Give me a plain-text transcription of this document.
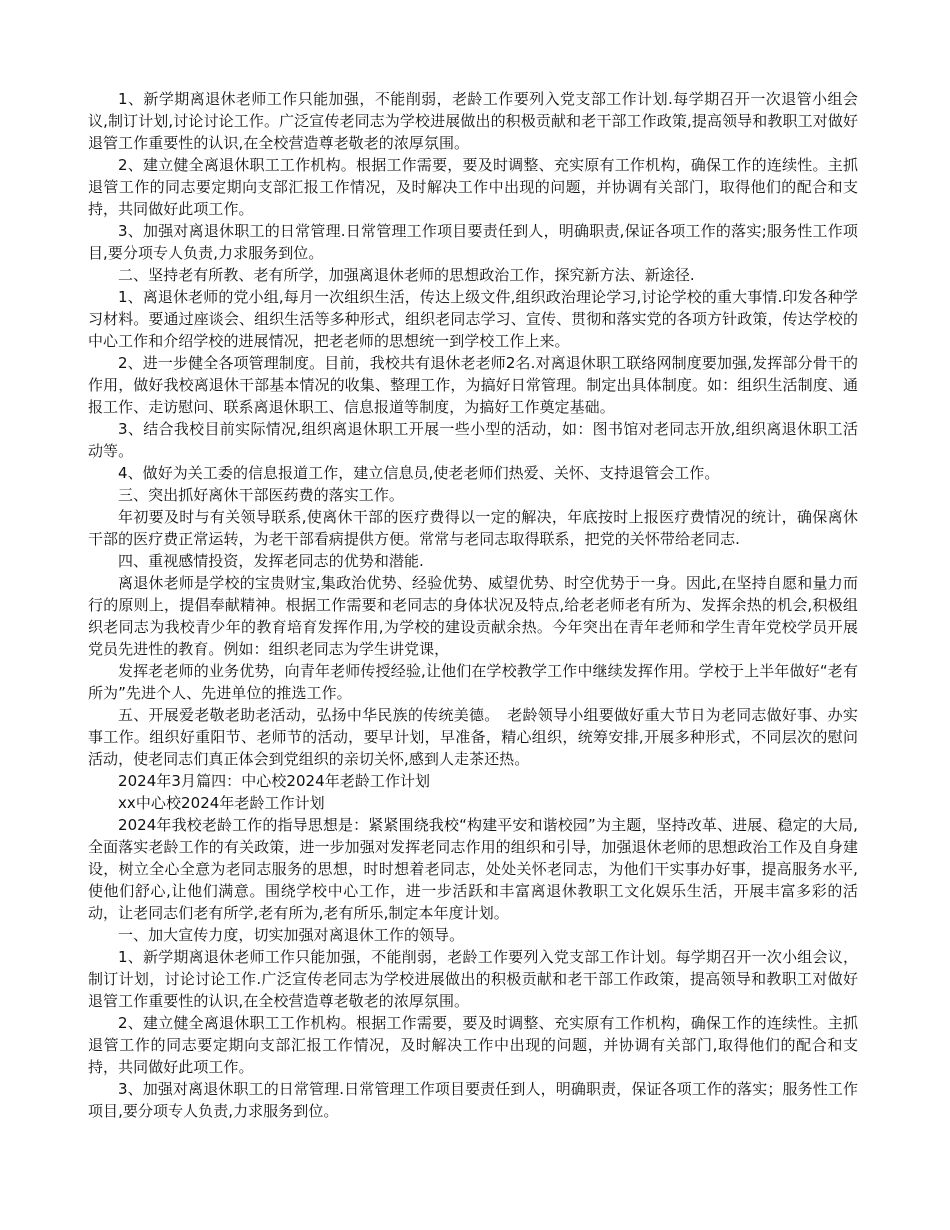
1、新学期离退休老师工作只能加强，不能削弱，老龄工作要列入党支部工作计划.每学期召开一次退管小组会议,制订计划,讨论讨论工作。广泛宣传老同志为学校进展做出的积极贡献和老干部工作政策,提高领导和教职工对做好退管工作重要性的认识,在全校营造尊老敬老的浓厚氛围。

2、建立健全离退休职工工作机构。根据工作需要，要及时调整、充实原有工作机构，确保工作的连续性。主抓退管工作的同志要定期向支部汇报工作情况，及时解决工作中出现的问题，并协调有关部门，取得他们的配合和支持，共同做好此项工作。

3、加强对离退休职工的日常管理.日常管理工作项目要责任到人，明确职责,保证各项工作的落实;服务性工作项目,要分项专人负责,力求服务到位。

二、坚持老有所教、老有所学，加强离退休老师的思想政治工作，探究新方法、新途径.

1、离退休老师的党小组,每月一次组织生活，传达上级文件,组织政治理论学习,讨论学校的重大事情.印发各种学习材料。要通过座谈会、组织生活等多种形式，组织老同志学习、宣传、贯彻和落实党的各项方针政策，传达学校的中心工作和介绍学校的进展情况，把老老师的思想统一到学校工作上来。

2、进一步健全各项管理制度。目前，我校共有退休老老师2名.对离退休职工联络网制度要加强,发挥部分骨干的作用，做好我校离退休干部基本情况的收集、整理工作，为搞好日常管理。制定出具体制度。如：组织生活制度、通报工作、走访慰问、联系离退休职工、信息报道等制度，为搞好工作奠定基础。

3、结合我校目前实际情况,组织离退休职工开展一些小型的活动，如：图书馆对老同志开放,组织离退休职工活动等。

4、做好为关工委的信息报道工作，建立信息员,使老老师们热爱、关怀、支持退管会工作。

三、突出抓好离休干部医药费的落实工作。

年初要及时与有关领导联系,使离休干部的医疗费得以一定的解决，年底按时上报医疗费情况的统计，确保离休干部的医疗费正常运转，为老干部看病提供方便。常常与老同志取得联系，把党的关怀带给老同志.

四、重视感情投资，发挥老同志的优势和潜能.

离退休老师是学校的宝贵财宝,集政治优势、经验优势、威望优势、时空优势于一身。因此,在坚持自愿和量力而行的原则上，提倡奉献精神。根据工作需要和老同志的身体状况及特点,给老老师老有所为、发挥余热的机会,积极组织老同志为我校青少年的教育培育发挥作用,为学校的建设贡献余热。今年突出在青年老师和学生青年党校学员开展党员先进性的教育。例如：组织老同志为学生讲党课，

发挥老老师的业务优势，向青年老师传授经验,让他们在学校教学工作中继续发挥作用。学校于上半年做好“老有所为”先进个人、先进单位的推选工作。

五、开展爱老敬老助老活动，弘扬中华民族的传统美德。　老龄领导小组要做好重大节日为老同志做好事、办实事工作。组织好重阳节、老师节的活动，要早计划，早准备，精心组织，统筹安排,开展多种形式，不同层次的慰问活动，使老同志们真正体会到党组织的亲切关怀,感到人走茶还热。

2024年3月篇四：中心校2024年老龄工作计划

xx中心校2024年老龄工作计划

2024年我校老龄工作的指导思想是：紧紧围绕我校“构建平安和谐校园”为主题，坚持改革、进展、稳定的大局,全面落实老龄工作的有关政策，进一步加强对发挥老同志作用的组织和引导，加强退休老师的思想政治工作及自身建设，树立全心全意为老同志服务的思想，时时想着老同志，处处关怀老同志，为他们干实事办好事，提高服务水平,使他们舒心,让他们满意。围绕学校中心工作，进一步活跃和丰富离退休教职工文化娱乐生活，开展丰富多彩的活动，让老同志们老有所学,老有所为,老有所乐,制定本年度计划。

一、加大宣传力度，切实加强对离退休工作的领导。

1、新学期离退休老师工作只能加强，不能削弱，老龄工作要列入党支部工作计划。每学期召开一次小组会议，制订计划，讨论讨论工作.广泛宣传老同志为学校进展做出的积极贡献和老干部工作政策，提高领导和教职工对做好退管工作重要性的认识,在全校营造尊老敬老的浓厚氛围。

2、建立健全离退休职工工作机构。根据工作需要，要及时调整、充实原有工作机构，确保工作的连续性。主抓退管工作的同志要定期向支部汇报工作情况，及时解决工作中出现的问题，并协调有关部门,取得他们的配合和支持，共同做好此项工作。

3、加强对离退休职工的日常管理.日常管理工作项目要责任到人，明确职责，保证各项工作的落实；服务性工作项目,要分项专人负责,力求服务到位。
